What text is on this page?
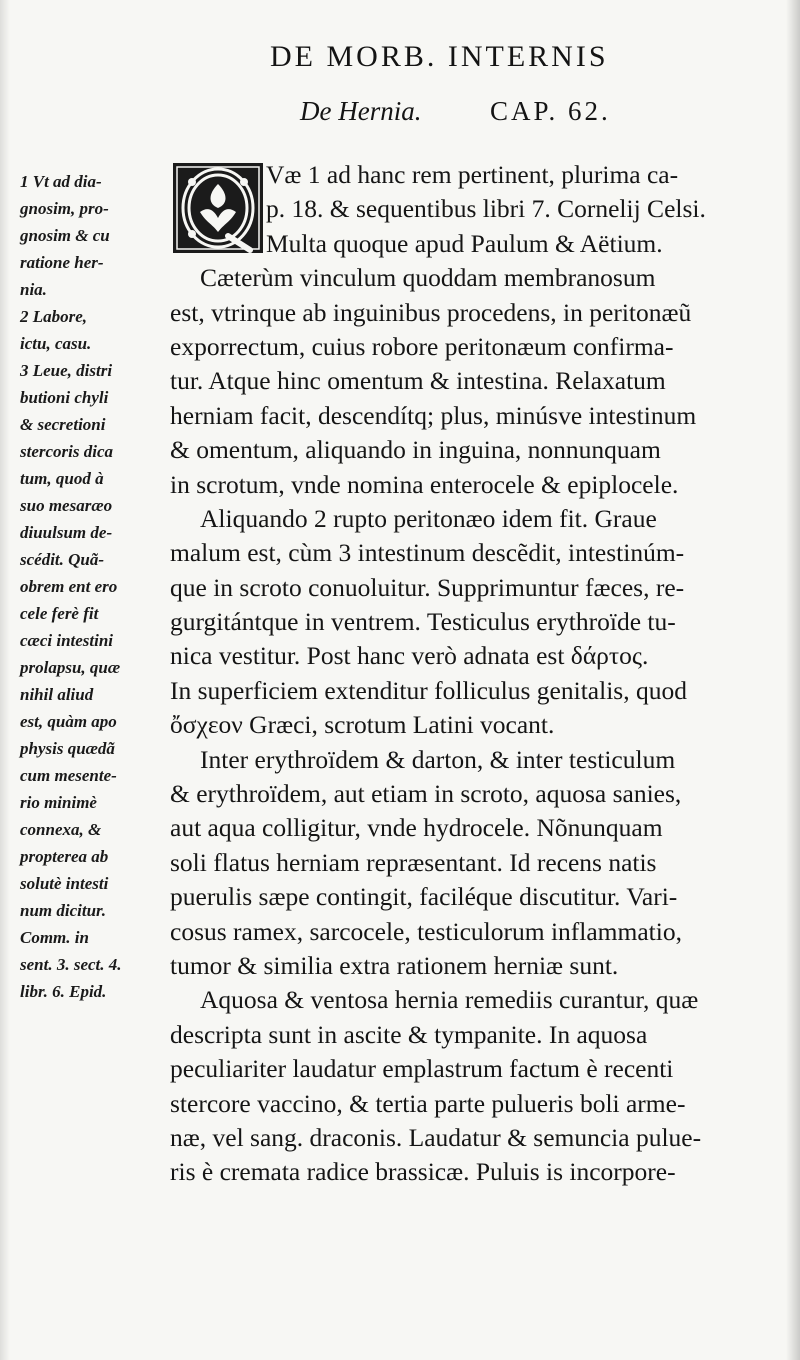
DE MORB. INTERNIS
De Hernia.	CAP. 62.
1 Vt ad dia-
gnosim, pro-
gnosim & cu
ratione her-
nia.
2 Labore,
ictu, casu.
3 Leue, distri
butioni chyli
& secretioni
stercoris dica
tum, quod à
suo mesaræo
diuulsum de-
scédit. Quã-
obrem ent ero
cele ferè fit
cæci intestini
prolapsu, quæ
nihil aliud
est, quàm apo
physis quædã
cum mesente-
rio minimè
connexa, &
propterea ab
solutè intesti
num dicitur.
Comm. in
sent. 3. sect. 4.
libr. 6. Epid.
Væ 1 ad hanc rem pertinent, plurima ca-
p. 18. & sequentibus libri 7. Cornelij Celsi.
Multa quoque apud Paulum & Aëtium.
Cæterùm vinculum quoddam membranosum
est, vtrinque ab inguinibus procedens, in peritonæũ
exporrectum, cuius robore peritonæum confirma-
tur. Atque hinc omentum & intestina. Relaxatum
herniam facit, descendítq; plus, minúsve intestinum
& omentum, aliquando in inguina, nonnunquam
in scrotum, vnde nomina enterocele & epiplocele.
Aliquando 2 rupto peritonæo idem fit. Graue
malum est, cùm 3 intestinum descẽdit, intestinúm-
que in scroto conuoluitur. Supprimuntur fæces, re-
gurgitántque in ventrem. Testiculus erythroïde tu-
nica vestitur. Post hanc verò adnata est δάρτος.
In superficiem extenditur folliculus genitalis, quod
ὄσχεον Græci, scrotum Latini vocant.
Inter erythroïdem & darton, & inter testiculum
& erythroïdem, aut etiam in scroto, aquosa sanies,
aut aqua colligitur, vnde hydrocele. Nõnunquam
soli flatus herniam repræsentant. Id recens natis
puerulis sæpe contingit, faciléque discutitur. Vari-
cosus ramex, sarcocele, testiculorum inflammatio,
tumor & similia extra rationem herniæ sunt.
Aquosa & ventosa hernia remediis curantur, quæ
descripta sunt in ascite & tympanite. In aquosa
peculiariter laudatur emplastrum factum è recenti
stercore vaccino, & tertia parte pulueris boli arme-
næ, vel sang. draconis. Laudatur & semuncia pulue-
ris è cremata radice brassicæ. Puluis is incorpore-
